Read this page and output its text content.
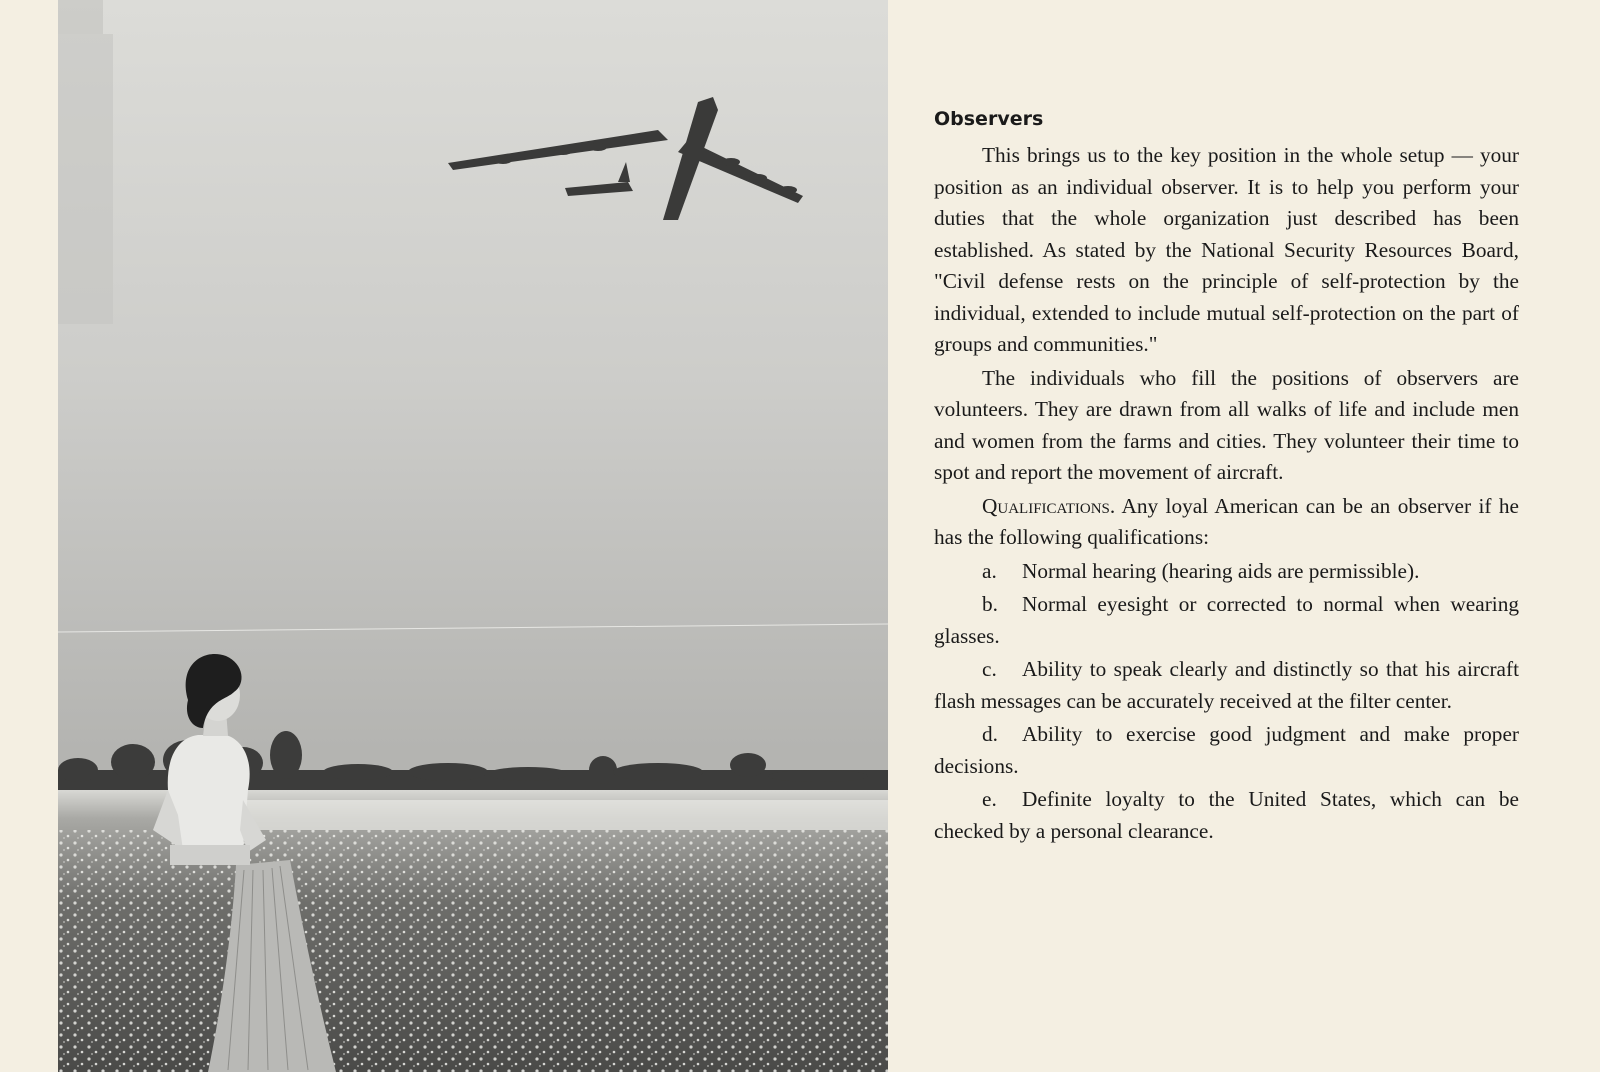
Observers

This brings us to the key position in the whole setup — your position as an individual observer. It is to help you perform your duties that the whole organization just described has been established. As stated by the National Security Resources Board, "Civil defense rests on the principle of self-protection by the individual, extended to include mutual self-protection on the part of groups and communities."

The individuals who fill the positions of observers are volunteers. They are drawn from all walks of life and include men and women from the farms and cities. They volunteer their time to spot and report the movement of aircraft.

Qualifications. Any loyal American can be an observer if he has the following qualifications:

a. Normal hearing (hearing aids are permissible).

b. Normal eyesight or corrected to normal when wearing glasses.

c. Ability to speak clearly and distinctly so that his aircraft flash messages can be accurately received at the filter center.

d. Ability to exercise good judgment and make proper decisions.

e. Definite loyalty to the United States, which can be checked by a personal clearance.
